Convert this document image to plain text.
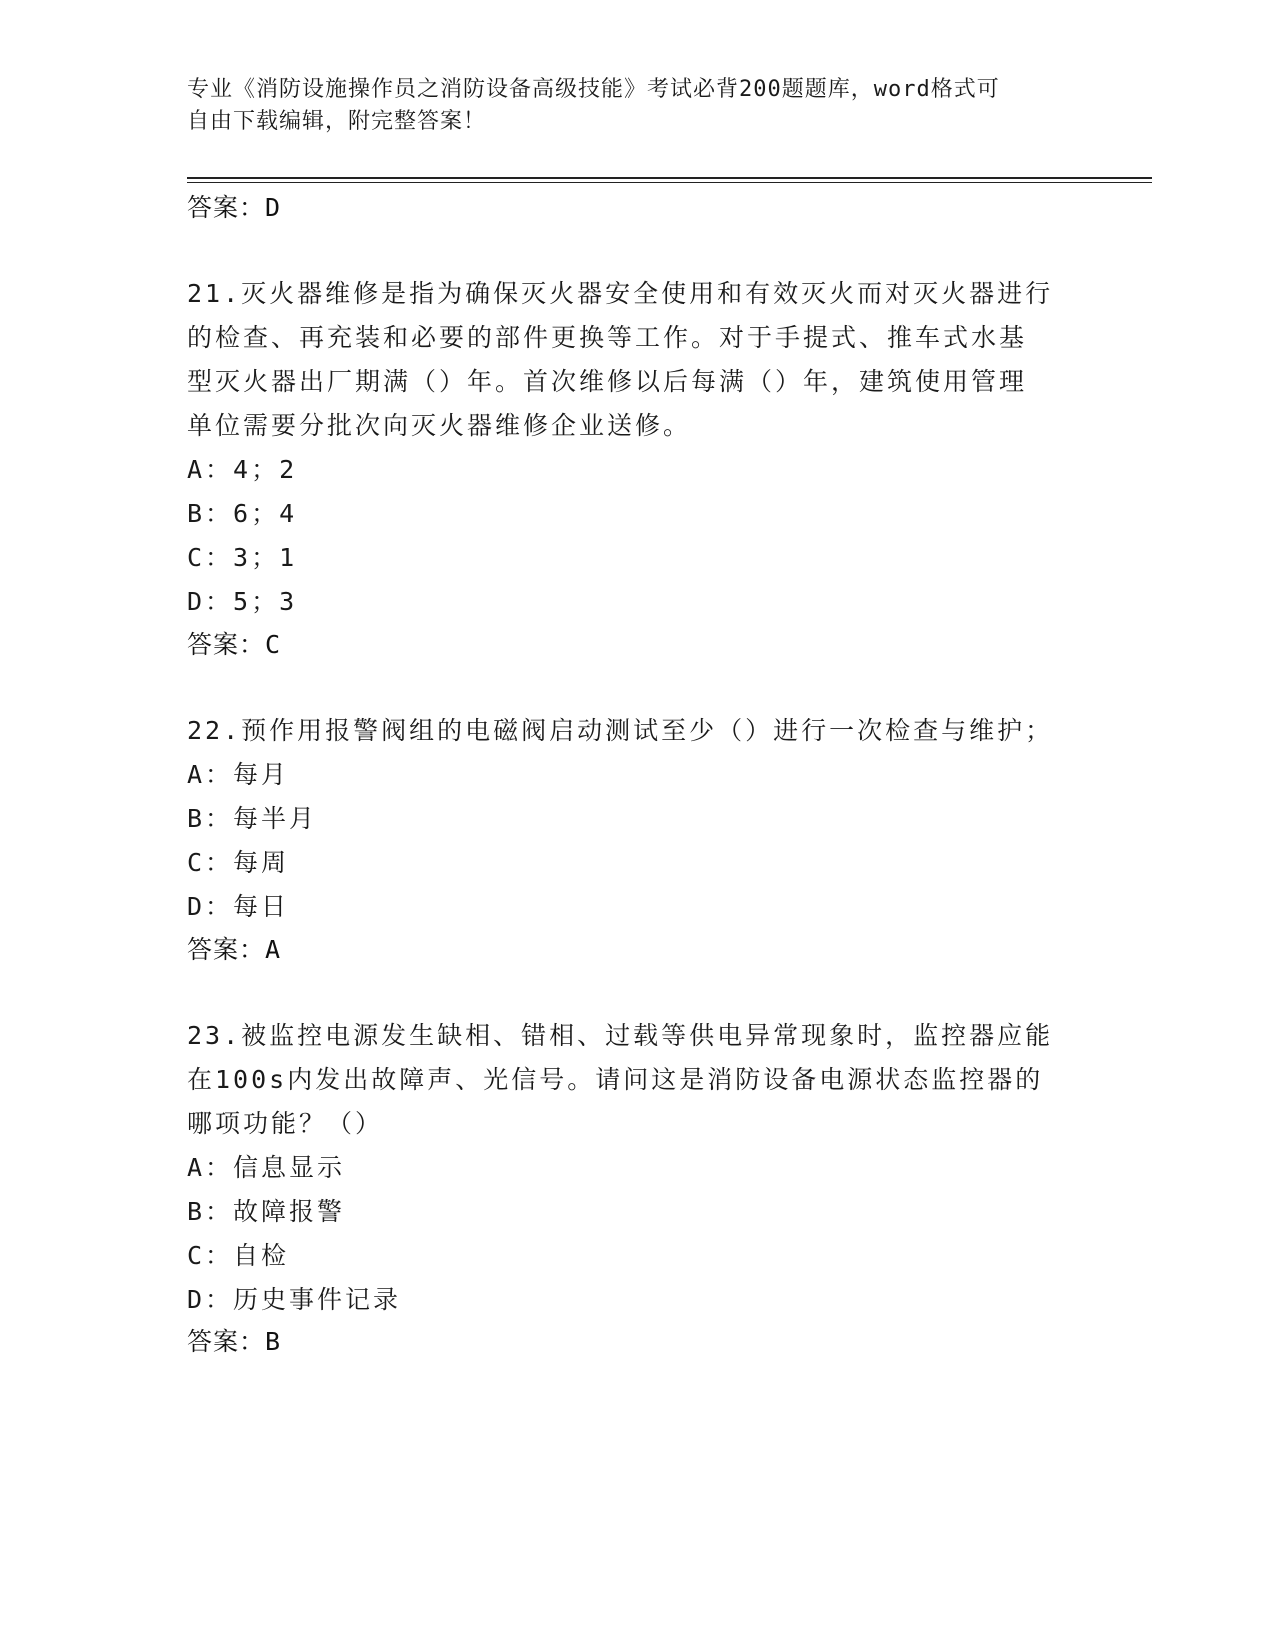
专业《消防设施操作员之消防设备高级技能》考试必背200题题库，word格式可
自由下载编辑，附完整答案！
答案：D
21.灭火器维修是指为确保灭火器安全使用和有效灭火而对灭火器进行
的检查、再充装和必要的部件更换等工作。对于手提式、推车式水基
型灭火器出厂期满（）年。首次维修以后每满（）年，建筑使用管理
单位需要分批次向灭火器维修企业送修。
A：4；2
B：6；4
C：3；1
D：5；3
答案：C
22.预作用报警阀组的电磁阀启动测试至少（）进行一次检查与维护；
A：每月
B：每半月
C：每周
D：每日
答案：A
23.被监控电源发生缺相、错相、过载等供电异常现象时，监控器应能
在100s内发出故障声、光信号。请问这是消防设备电源状态监控器的
哪项功能？（）
A：信息显示
B：故障报警
C：自检
D：历史事件记录
答案：B
